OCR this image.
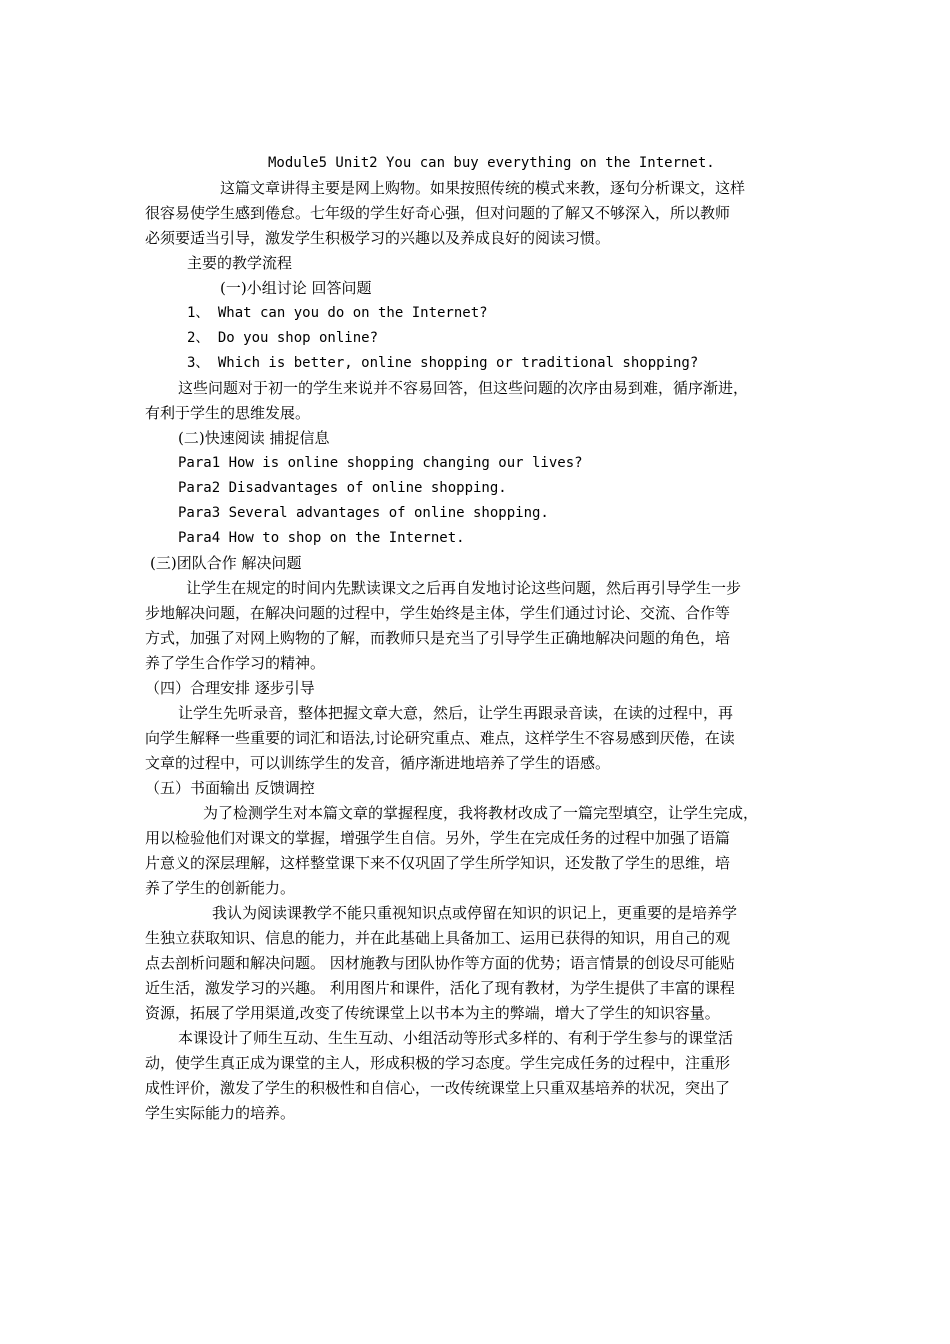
Module5 Unit2 You can buy everything on the Internet.
这篇文章讲得主要是网上购物。如果按照传统的模式来教，逐句分析课文，这样
很容易使学生感到倦怠。七年级的学生好奇心强，但对问题的了解又不够深入，所以教师
必须要适当引导，激发学生积极学习的兴趣以及养成良好的阅读习惯。
主要的教学流程
(一)小组讨论 回答问题
1、 What can you do on the Internet?
2、 Do you shop online?
3、 Which is better, online shopping or traditional shopping?
这些问题对于初一的学生来说并不容易回答，但这些问题的次序由易到难，循序渐进，
有利于学生的思维发展。
(二)快速阅读 捕捉信息
Para1 How is online shopping changing our lives?
Para2 Disadvantages of online shopping.
Para3 Several advantages of online shopping.
Para4 How to shop on the Internet.
(三)团队合作 解决问题
让学生在规定的时间内先默读课文之后再自发地讨论这些问题，然后再引导学生一步
步地解决问题，在解决问题的过程中，学生始终是主体，学生们通过讨论、交流、合作等
方式，加强了对网上购物的了解，而教师只是充当了引导学生正确地解决问题的角色，培
养了学生合作学习的精神。
（四）合理安排 逐步引导
让学生先听录音，整体把握文章大意，然后，让学生再跟录音读，在读的过程中，再
向学生解释一些重要的词汇和语法,讨论研究重点、难点，这样学生不容易感到厌倦，在读
文章的过程中，可以训练学生的发音，循序渐进地培养了学生的语感。
（五）书面输出 反馈调控
为了检测学生对本篇文章的掌握程度，我将教材改成了一篇完型填空，让学生完成，
用以检验他们对课文的掌握，增强学生自信。另外，学生在完成任务的过程中加强了语篇
片意义的深层理解，这样整堂课下来不仅巩固了学生所学知识，还发散了学生的思维，培
养了学生的创新能力。
我认为阅读课教学不能只重视知识点或停留在知识的识记上，更重要的是培养学
生独立获取知识、信息的能力，并在此基础上具备加工、运用已获得的知识，用自己的观
点去剖析问题和解决问题。 因材施教与团队协作等方面的优势；语言情景的创设尽可能贴
近生活，激发学习的兴趣。 利用图片和课件，活化了现有教材，为学生提供了丰富的课程
资源，拓展了学用渠道,改变了传统课堂上以书本为主的弊端，增大了学生的知识容量。
本课设计了师生互动、生生互动、小组活动等形式多样的、有利于学生参与的课堂活
动，使学生真正成为课堂的主人，形成积极的学习态度。学生完成任务的过程中，注重形
成性评价，激发了学生的积极性和自信心，一改传统课堂上只重双基培养的状况，突出了
学生实际能力的培养。
